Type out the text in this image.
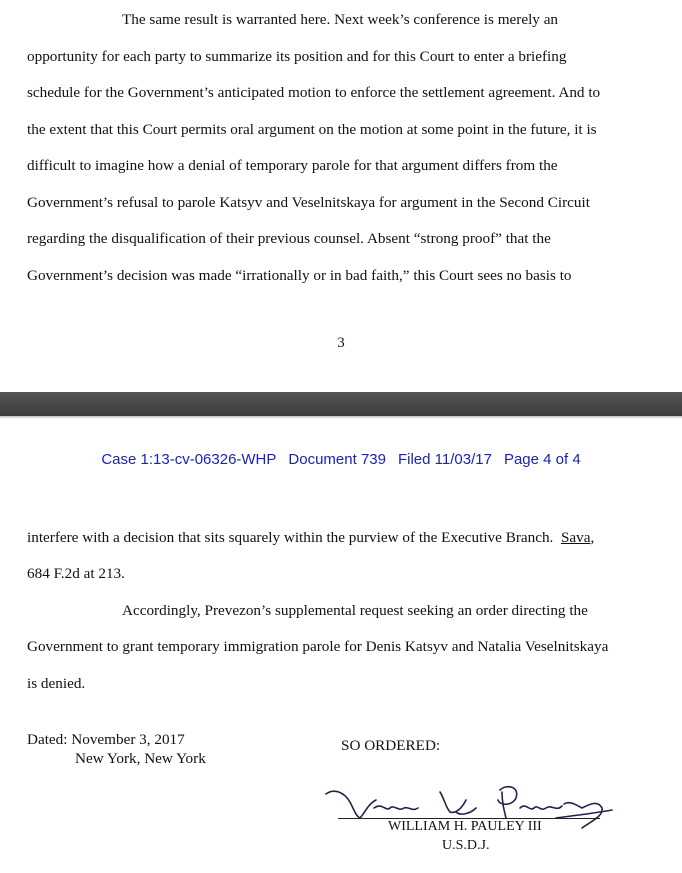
The same result is warranted here. Next week’s conference is merely an
opportunity for each party to summarize its position and for this Court to enter a briefing
schedule for the Government’s anticipated motion to enforce the settlement agreement. And to
the extent that this Court permits oral argument on the motion at some point in the future, it is
difficult to imagine how a denial of temporary parole for that argument differs from the
Government’s refusal to parole Katsyv and Veselnitskaya for argument in the Second Circuit
regarding the disqualification of their previous counsel. Absent “strong proof” that the
Government’s decision was made “irrationally or in bad faith,” this Court sees no basis to
3
Case 1:13-cv-06326-WHP Document 739 Filed 11/03/17 Page 4 of 4
interfere with a decision that sits squarely within the purview of the Executive Branch.  Sava,
684 F.2d at 213.
Accordingly, Prevezon’s supplemental request seeking an order directing the
Government to grant temporary immigration parole for Denis Katsyv and Natalia Veselnitskaya
is denied.
Dated: November 3, 2017
New York, New York
SO ORDERED:
WILLIAM H. PAULEY III
U.S.D.J.
